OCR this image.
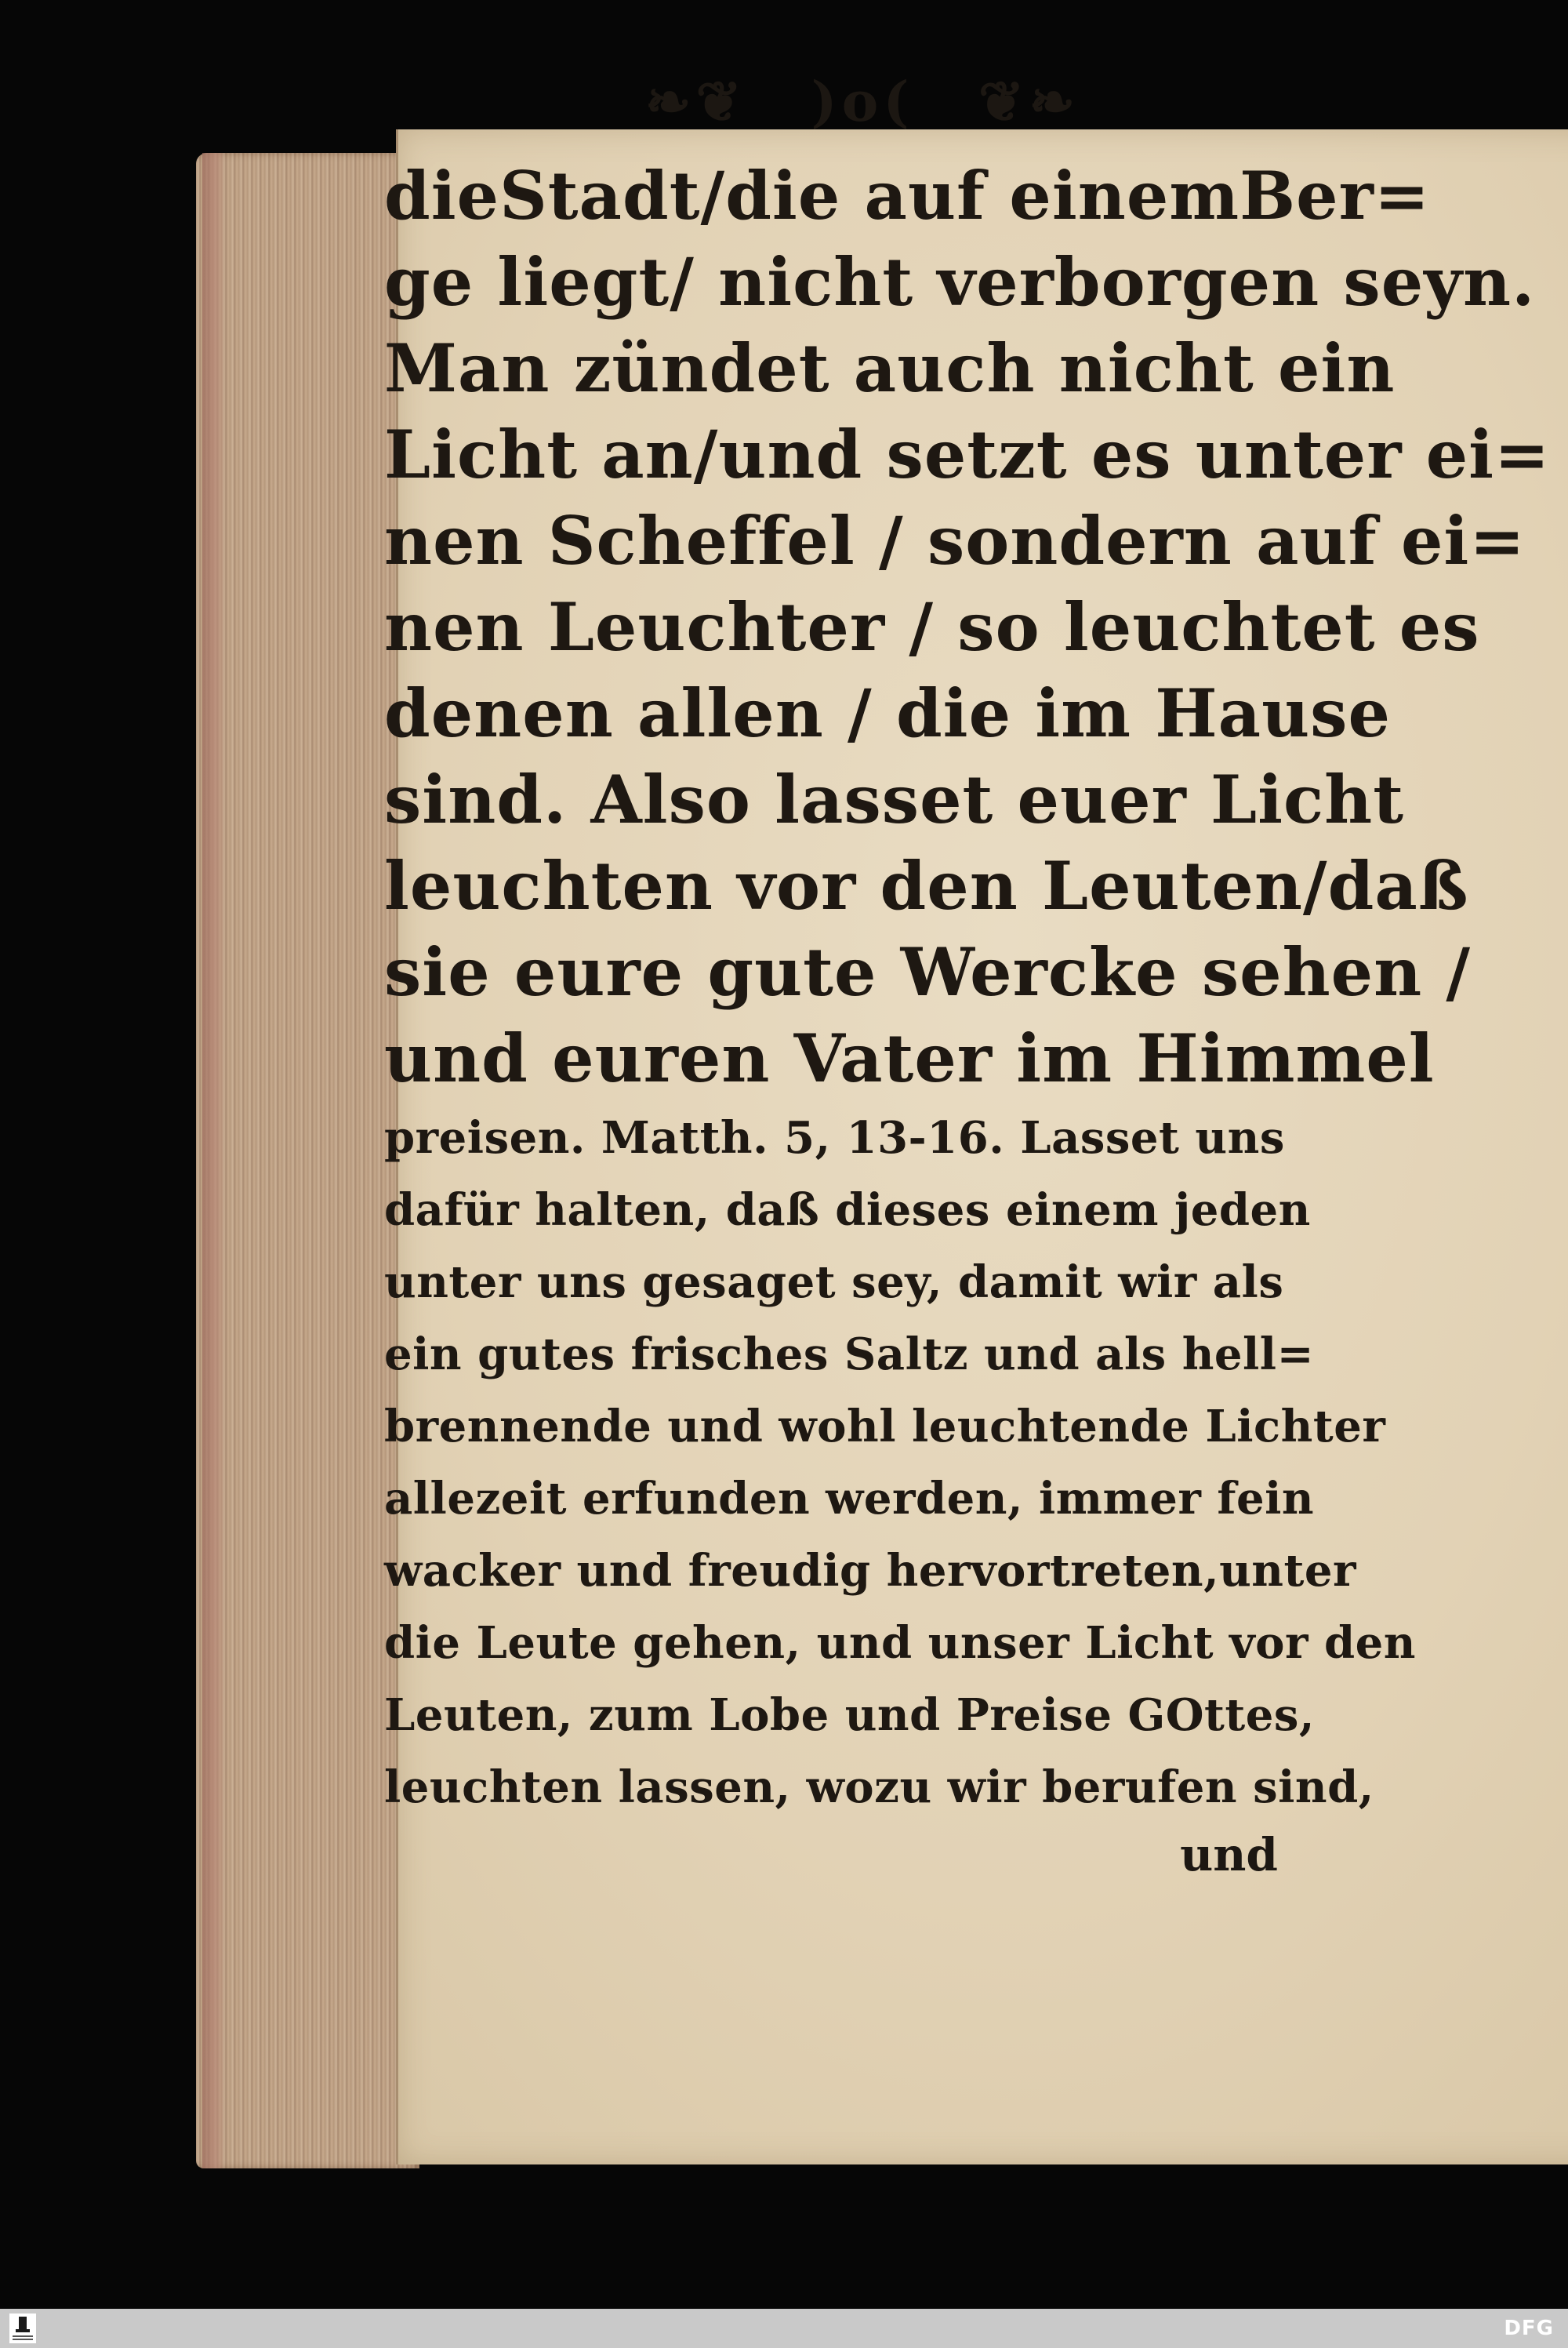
❧❦ )o( ❦❧
dieStadt/die auf einemBer=
ge liegt/ nicht verborgen seyn.
Man zündet auch nicht ein
Licht an/und setzt es unter ei=
nen Scheffel / sondern auf ei=
nen Leuchter / so leuchtet es
denen allen / die im Hause
sind. Also lasset euer Licht
leuchten vor den Leuten/daß
sie eure gute Wercke sehen /
und euren Vater im Himmel
preisen. Matth. 5, 13-16. Lasset uns
dafür halten, daß dieses einem jeden
unter uns gesaget sey, damit wir als
ein gutes frisches Saltz und als hell=
brennende und wohl leuchtende Lichter
allezeit erfunden werden, immer fein
wacker und freudig hervortreten,unter
die Leute gehen, und unser Licht vor den
Leuten, zum Lobe und Preise GOttes,
leuchten lassen, wozu wir berufen sind,
und
DFG
